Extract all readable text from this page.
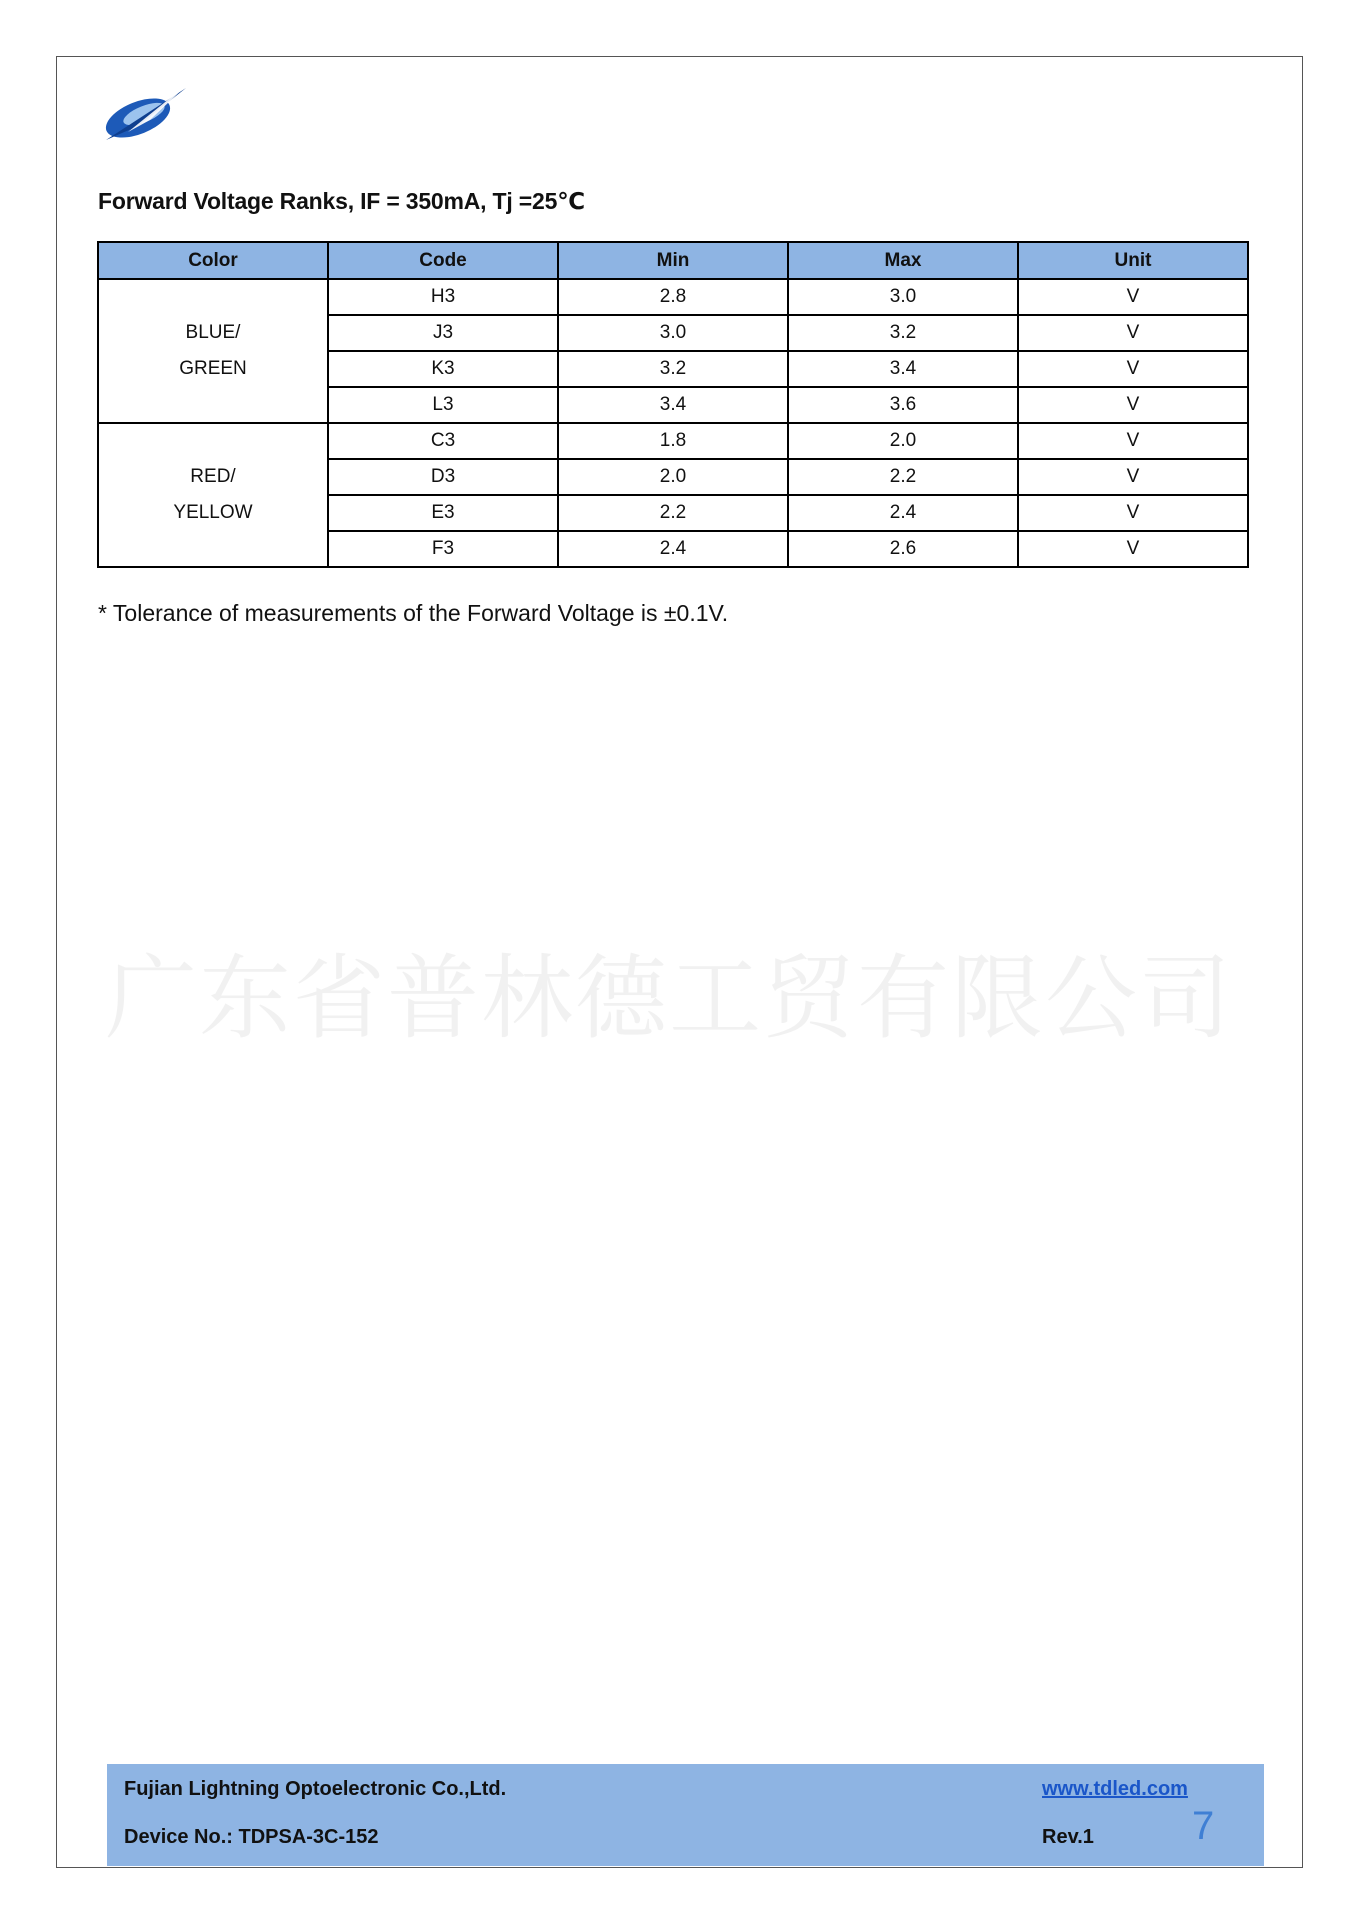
Forward Voltage Ranks, IF = 350mA, Tj =25℃
Color	Code	Min	Max	Unit

BLUE/
GREEN	H3	2.8	3.0	V
	J3	3.0	3.2	V
	K3	3.2	3.4	V
	L3	3.4	3.6	V

RED/
YELLOW	C3	1.8	2.0	V
	D3	2.0	2.2	V
	E3	2.2	2.4	V
	F3	2.4	2.6	V
* Tolerance of measurements of the Forward Voltage is ±0.1V.
广东省普林德工贸有限公司
Fujian Lightning Optoelectronic Co.,Ltd.
Device No.: TDPSA-3C-152
www.tdled.com
Rev.1 7
